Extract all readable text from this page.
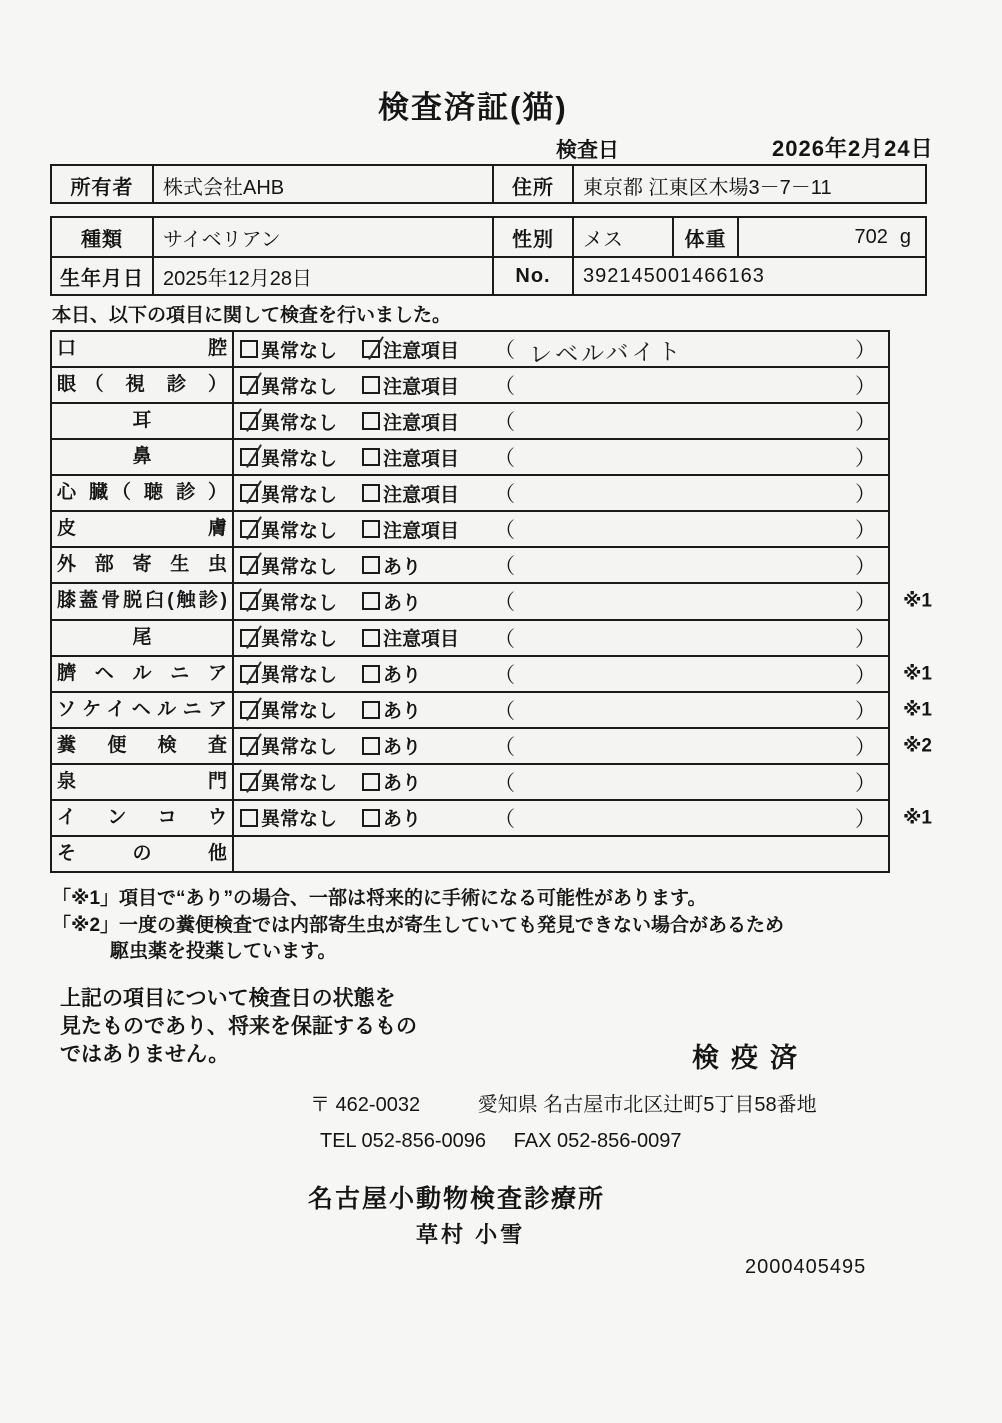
検査済証(猫)
検査日	2026年2月24日
所有者	株式会社AHB	住所	東京都 江東区木場3－7－11
種類	サイベリアン	性別	メス	体重	702 g
生年月日 2025年12月28日	No.	392145001466163
本日、以下の項目に関して検査を行いました。
口腔	異常なし 注意項目 （ レベルバイト	）
眼（ 視 診 ）	異常なし 注意項目 （	）
耳	異常なし 注意項目 （	）
鼻	異常なし 注意項目 （	）
心 臓（ 聴 診 ）	異常なし 注意項目 （	）
皮膚	異常なし 注意項目 （	）
外部寄生虫	異常なし あり	（	）
膝蓋骨脱臼(触診)	異常なし あり	（	） ※1
尾	異常なし 注意項目 （	）
臍ヘルニア	異常なし あり	（	） ※1
ソケイヘルニア	異常なし あり	（	） ※1
糞便検査	異常なし あり	（	） ※2
泉門	異常なし あり	（	）
インコウ	異常なし あり	（	） ※1
その他
「※1」項目で“あり”の場合、一部は将来的に手術になる可能性があります。
「※2」一度の糞便検査では内部寄生虫が寄生していても発見できない場合があるため
駆虫薬を投薬しています。
上記の項目について検査日の状態を
見たものであり、将来を保証するもの
ではありません。	検疫済
〒 462-0032	愛知県 名古屋市北区辻町5丁目58番地
TEL 052-856-0096 FAX 052-856-0097
名古屋小動物検査診療所
草村 小雪
2000405495
